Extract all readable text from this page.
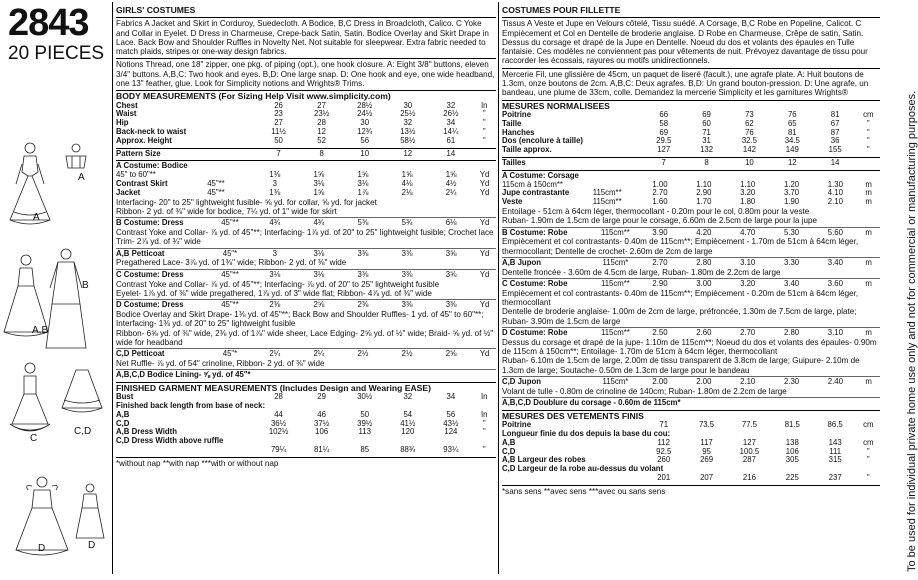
2843
20 PIECES
A
A
B
A,B
C
C,D
D	D
GIRLS' COSTUMES

Fabrics A Jacket and Skirt in Corduroy, Suedecloth. A Bodice, B,C Dress in Broadcloth, Calico. C Yoke and Collar in Eyelet. D Dress in Charmeuse, Crepe-back Satin, Satin. Bodice Overlay and Skirt Drape in Lace. Back Bow and Shoulder Ruffles in Novelty Net. Not suitable for sleepwear. Extra fabric needed to match plaids, stripes or one-way design fabrics.

Notions Thread, one 18" zipper, one pkg. of piping (opt.), one hook closure. A: Eight 3/8" buttons, eleven 3/4" buttons. A,B,C: Two hook and eyes. B,D: One large snap. D: One hook and eye, one wide headband, one 13" feather, glue. Look for Simplicity notions and Wrights® Trims.

BODY MEASUREMENTS (For Sizing Help Visit www.simplicity.com)
Chest	26	27	28½	30	32	In
Waist	23	23½	24½	25½	26½	"
Hip	27	28	30	32	34	"
Back-neck to waist	11½	12	12¾	13½	14¼	"
Approx. Height	50	52	56	58½	61	"
Pattern Size	7	8	10	12	14	
A Costume: Bodice
45" to 60"**		1⅜	1⅝	1⅝	1⅝	1⅝	Yd
Contrast Skirt	45"**	3	3⅛	3⅛	4⅛	4½	Yd
Jacket	45"**	1⅜	1⅝	1⅞	2⅛	2¼	Yd
Interfacing- 20" to 25" lightweight fusible- ⅝ yd. for collar, ⅝ yd. for jacket
Ribbon- 2 yd. of ⅜" wide for bodice, 7¼ yd. of 1" wide for skirt
B Costume: Dress	45"**	4¾	4¾	5⅜	5¾	6⅛	Yd
Contrast Yoke and Collar- ⅞ yd. of 45"**; Interfacing- 1⅞ yd. of 20" to 25" lightweight fusible; Crochet lace Trim- 2⅞ yd. of ¾" wide
A,B Petticoat	45"*	3	3⅛	3⅜	3⅜	3⅝	Yd
Pregathered Lace- 3⅞ yd. of 1⅜" wide; Ribbon- 2 yd. of ⅜" wide
C Costume: Dress	45"**	3⅛	3⅛	3⅜	3⅜	3⅝	Yd
Contrast Yoke and Collar- ⅞ yd. of 45"**; Interfacing- ⅞ yd. of 20" to 25" lightweight fusible
Eyelet- 1⅞ yd. of ⅜" wide pregathered, 1⅞ yd. of 3" wide flat; Ribbon- 4⅞ yd. of ⅜" wide
D Costume: Dress	45"**	2⅜	2⅝	2⅜	3⅜	3⅜	Yd
Bodice Overlay and Skirt Drape- 1⅜ yd. of 45"**; Back Bow and Shoulder Ruffles- 1 yd. of 45" to 60"**; Interfacing- 1⅜ yd. of 20" to 25" lightweight fusible
Ribbon- 6⅝ yd. of ⅜" wide, 2⅜ yd. of 1⅞" wide sheer, Lace Edging- 2⅝ yd. of ½" wide; Braid- ⅝ yd. of ½" wide for headband
C,D Petticoat	45"*	2¼	2¼	2½	2½	2⅝	Yd
Net Ruffle- ⅞ yd. of 54" crinoline, Ribbon- 2 yd. of ⅜" wide
A,B,C,D Bodice Lining- ⅝ yd. of 45"*
FINISHED GARMENT MEASUREMENTS (Includes Design and Wearing EASE)
Bust	28	29	30½	32	34	In
Finished back length from base of neck:						
A,B	44	46	50	54	56	In
C,D	36½	37½	39½	41½	43½	"
A,B Dress Width	102½	106	113	120	124	"
C,D Dress Width above ruffle						
	79¼	81¼	85	88¾	93¼	"
*without nap **with nap ***with or without nap
COSTUMES POUR FILLETTE

Tissus A Veste et Jupe en Velours côtelé, Tissu suédé. A Corsage, B,C Robe en Popeline, Calicot. C Empiècement et Col en Dentelle de broderie anglaise. D Robe en Charmeuse, Crêpe de satin, Satin. Dessus du corsage et drapé de la Jupe en Dentelle. Noeud du dos et volants des épaules en Tulle fantaisie. Ces modèles ne conviennent pas pour vêtements de nuit. Prévoyez davantage de tissu pour raccorder les écossais, rayures ou motifs unidirectionnels.

Mercerie Fil, une glissière de 45cm, un paquet de liseré (facult.), une agrafe plate. A: Huit boutons de 1.3cm, onze boutons de 2cm. A,B,C: Deux agrafes. B,D: Un grand bouton-pression. D: Une agrafe, un bandeau, une plume de 33cm, colle. Demandez la mercerie Simplicity et les garnitures Wrights®

MESURES NORMALISEES
Poitrine	66	69	73	76	81	cm
Taille	58	60	62	65	67	"
Hanches	69	71	76	81	87	"
Dos (encolure à taille)	29.5	31	32.5	34.5	36	"
Taille approx.	127	132	142	149	155	"
Tailles	7	8	10	12	14	
A Costume: Corsage
115cm à 150cm**		1.00	1.10	1.10	1.20	1.30	m
Jupe contrastante	115cm**	2.70	2.90	3.20	3.70	4.10	m
Veste	115cm**	1.60	1.70	1.80	1.90	2.10	m
Entoilage - 51cm à 64cm léger, thermocollant - 0.20m pour le col, 0.80m pour la veste
Ruban- 1.90m de 1.5cm de large pour le corsage, 6.60m de 2.5cm de large pour la jupe
B Costume: Robe	115cm**	3.90	4.20	4.70	5.30	5.60	m
Empiècement et col contrastants- 0.40m de 115cm**; Empiècement - 1.70m de 51cm à 64cm léger, thermocollant; Dentelle de crochet- 2.60m de 2cm de large
A,B Jupon	115cm*	2.70	2.80	3.10	3.30	3.40	m
Dentelle froncée - 3.60m de 4.5cm de large, Ruban- 1.80m de 2.2cm de large
C Costume: Robe	115cm**	2.90	3.00	3.20	3.40	3.60	m
Empiècement et col contrastants- 0.40m de 115cm**; Empiècement - 0.20m de 51cm à 64cm léger, thermocollant
Dentelle de broderie anglaise- 1.00m de 2cm de large, préfroncée, 1.30m de 7.5cm de large, plate; Ruban- 3.90m de 1.5cm de large
D Costume: Robe	115cm**	2.50	2.60	2.70	2.80	3.10	m
Dessus du corsage et drapé de la jupe- 1.10m de 115cm**; Noeud du dos et volants des épaules- 0.90m de 115cm à 150cm**; Entoilage- 1.70m de 51cm à 64cm léger, thermocollant
Ruban- 6.10m de 1.5cm de large, 2.00m de tissu transparent de 3.8cm de large; Guipure- 2.10m de 1.3cm de large; Soutache- 0.50m de 1.3cm de large pour le bandeau
C,D Jupon	115cm*	2.00	2.00	2.10	2.30	2.40	m
Volant de tulle - 0.80m de crinoline de 140cm; Ruban- 1.80m de 2.2cm de large
A,B,C,D Doublure du corsage - 0.60m de 115cm*
MESURES DES VETEMENTS FINIS
Poitrine	71	73.5	77.5	81.5	86.5	cm
Longueur finie du dos depuis la base du cou:						
A,B	112	117	127	138	143	cm
C,D	92.5	95	100.5	106	111	"
A,B Largeur des robes	260	269	287	305	315	"
C,D Largeur de la robe au-dessus du volant						
	201	207	216	225	237	"
*sans sens **avec sens ***avec ou sans sens	To be used for individual private home use only and not for commercial or manufacturing purposes.
